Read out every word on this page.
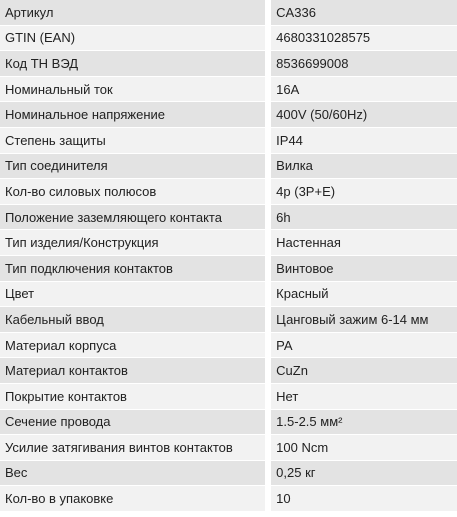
Артикул	CA336
GTIN (EAN)	4680331028575
Код ТН ВЭД	8536699008
Номинальный ток	16A
Номинальное напряжение	400V (50/60Hz)
Степень защиты	IP44
Тип соединителя	Вилка
Кол-во силовых полюсов	4p (3P+E)
Положение заземляющего контакта	6h
Тип изделия/Конструкция	Настенная
Тип подключения контактов	Винтовое
Цвет	Красный
Кабельный ввод	Цанговый зажим 6-14 мм
Материал корпуса	PA
Материал контактов	CuZn
Покрытие контактов	Нет
Сечение провода	1.5-2.5 мм²
Усилие затягивания винтов контактов	100 Ncm
Вес	0,25 кг
Кол-во в упаковке	10
